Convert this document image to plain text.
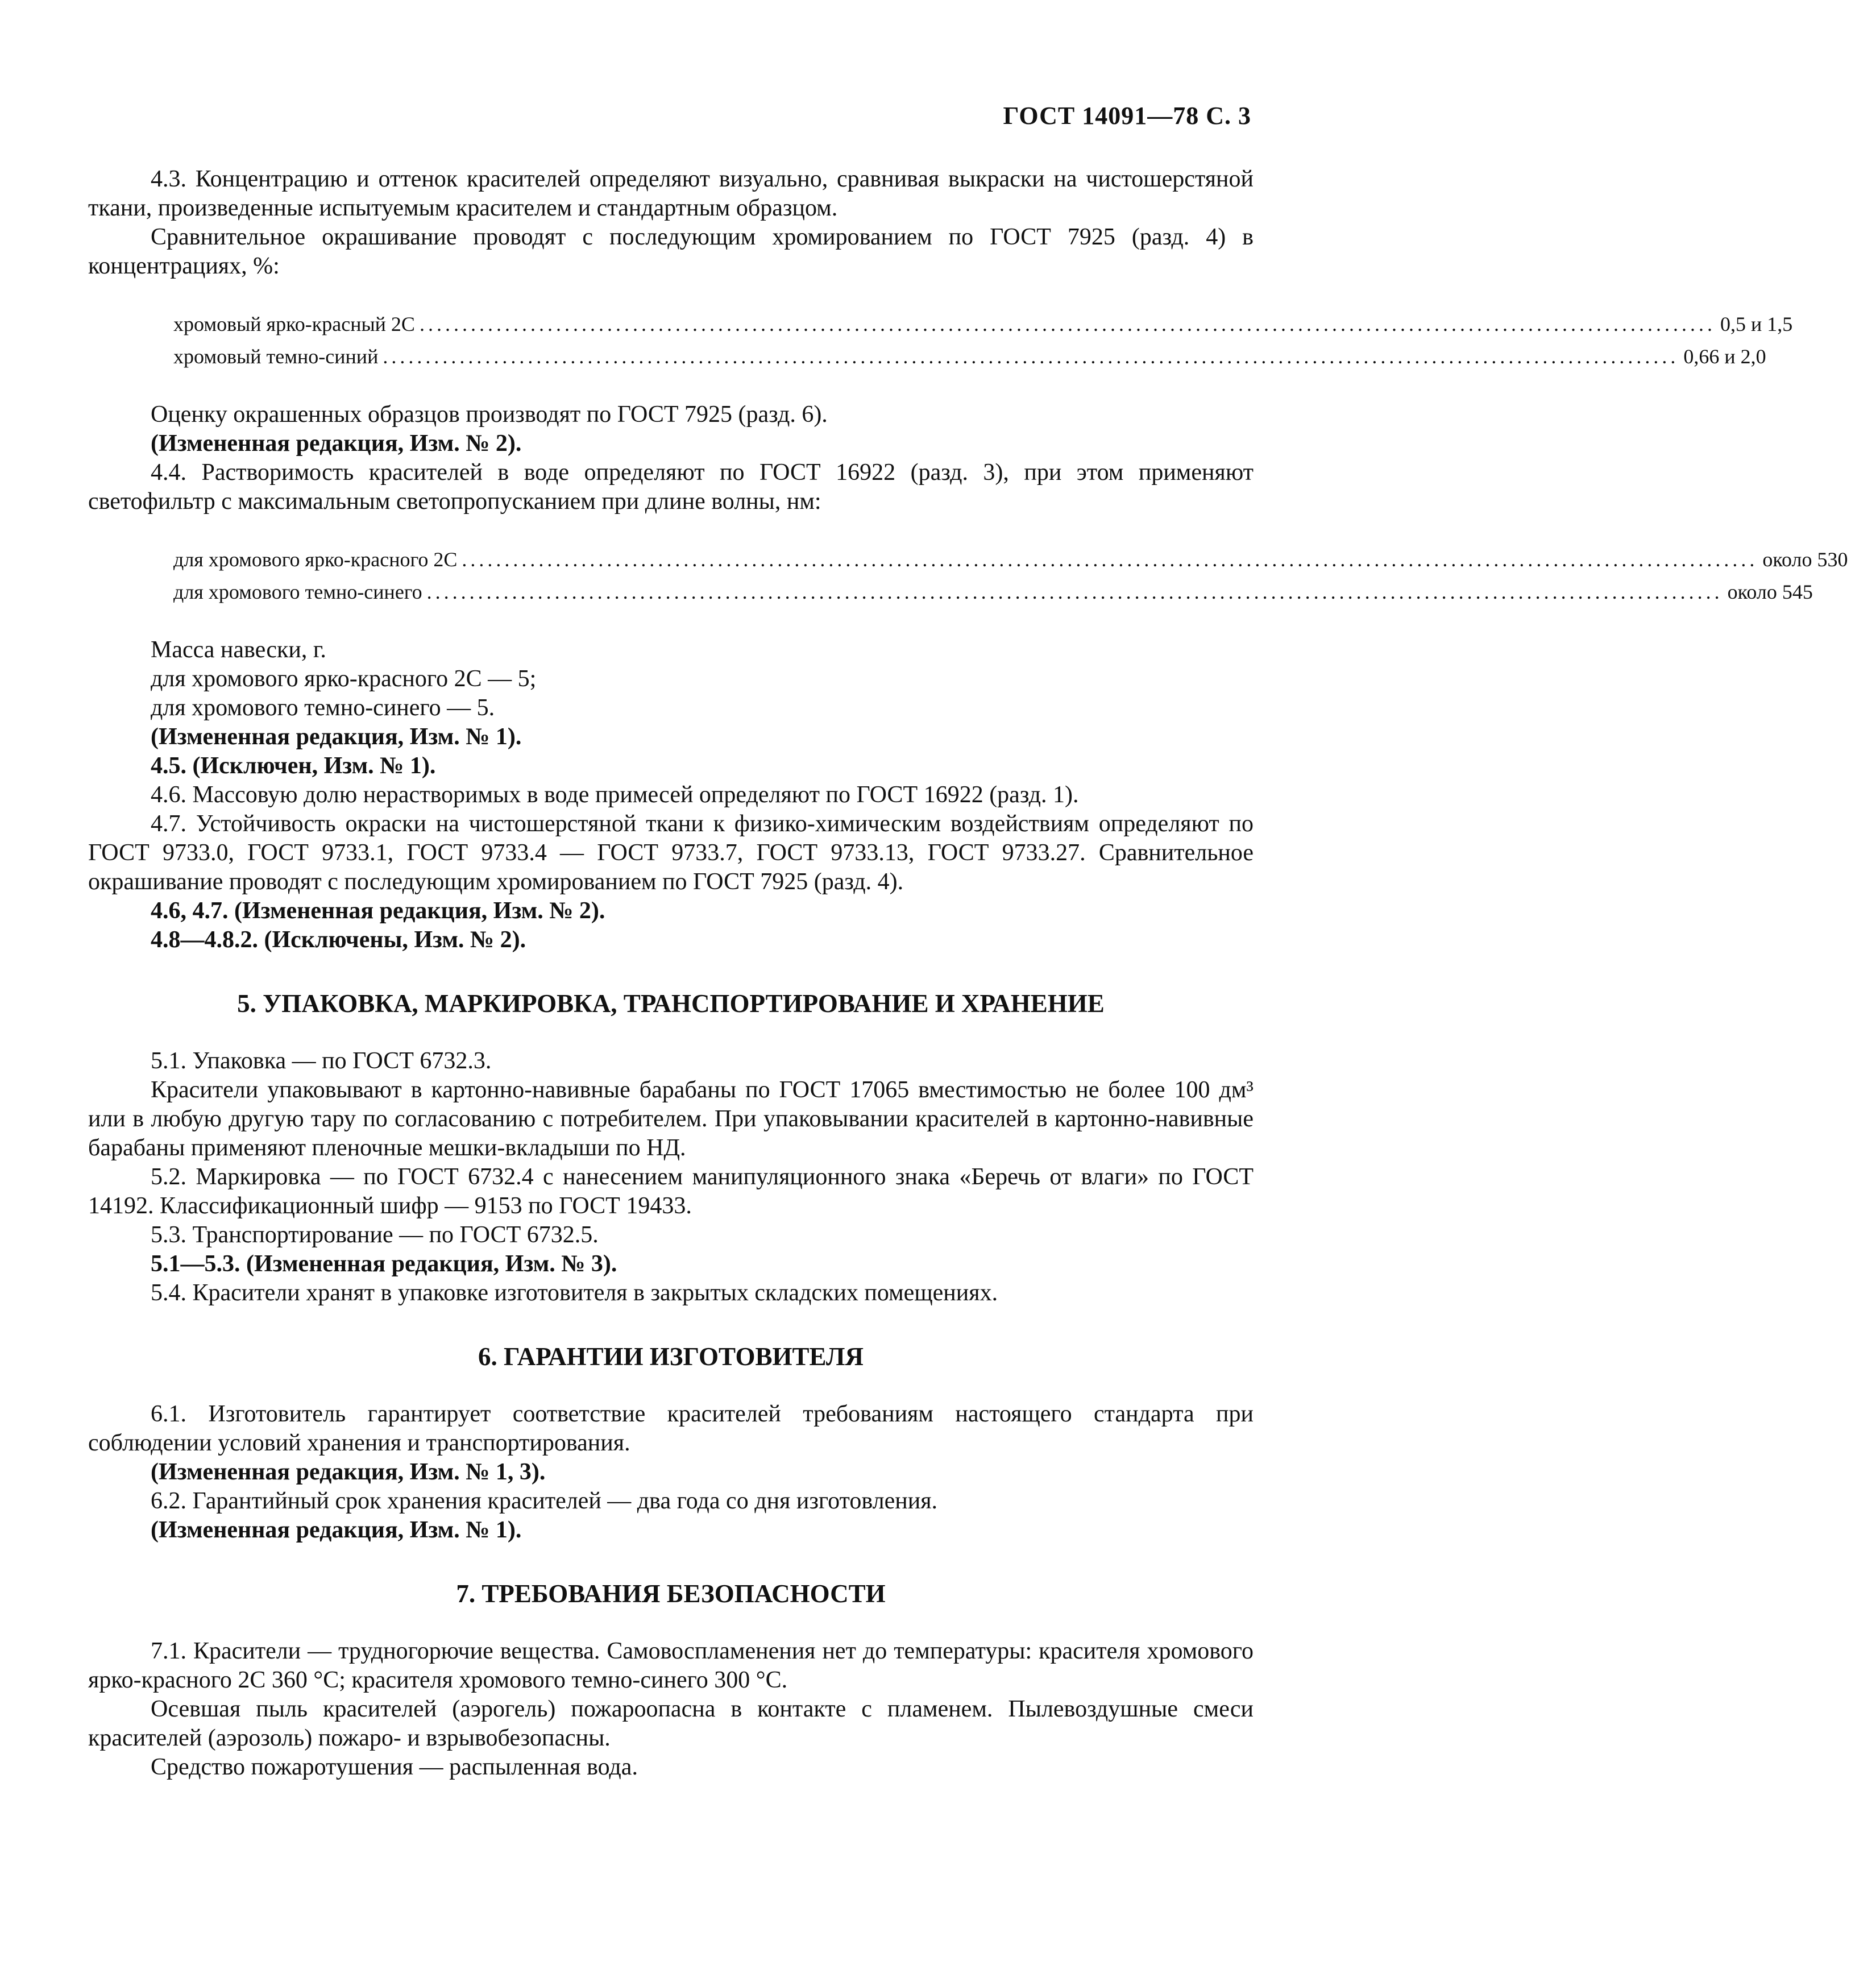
ГОСТ 14091—78 С. 3

4.3. Концентрацию и оттенок красителей определяют визуально, сравнивая выкраски на чистошерстяной ткани, произведенные испытуемым красителем и стандартным образцом.

Сравнительное окрашивание проводят с последующим хромированием по ГОСТ 7925 (разд. 4) в концентрациях, %:

хромовый ярко-красный 2С ........................................................................................................................................................ 0,5 и 1,5
хромовый темно-синий ........................................................................................................................................................ 0,66 и 2,0

Оценку окрашенных образцов производят по ГОСТ 7925 (разд. 6).

(Измененная редакция, Изм. № 2).

4.4. Растворимость красителей в воде определяют по ГОСТ 16922 (разд. 3), при этом применяют светофильтр с максимальным светопропусканием при длине волны, нм:

для хромового ярко-красного 2С ........................................................................................................................................................ около 530
для хромового темно-синего ........................................................................................................................................................ около 545

Масса навески, г.

для хромового ярко-красного 2С — 5;

для хромового темно-синего — 5.

(Измененная редакция, Изм. № 1).

4.5. (Исключен, Изм. № 1).

4.6. Массовую долю нерастворимых в воде примесей определяют по ГОСТ 16922 (разд. 1).

4.7. Устойчивость окраски на чистошерстяной ткани к физико-химическим воздействиям определяют по ГОСТ 9733.0, ГОСТ 9733.1, ГОСТ 9733.4 — ГОСТ 9733.7, ГОСТ 9733.13, ГОСТ 9733.27. Сравнительное окрашивание проводят с последующим хромированием по ГОСТ 7925 (разд. 4).

4.6, 4.7. (Измененная редакция, Изм. № 2).

4.8—4.8.2. (Исключены, Изм. № 2).

5. УПАКОВКА, МАРКИРОВКА, ТРАНСПОРТИРОВАНИЕ И ХРАНЕНИЕ

5.1. Упаковка — по ГОСТ 6732.3.

Красители упаковывают в картонно-навивные барабаны по ГОСТ 17065 вместимостью не более 100 дм³ или в любую другую тару по согласованию с потребителем. При упаковывании красителей в картонно-навивные барабаны применяют пленочные мешки-вкладыши по НД.

5.2. Маркировка — по ГОСТ 6732.4 с нанесением манипуляционного знака «Беречь от влаги» по ГОСТ 14192. Классификационный шифр — 9153 по ГОСТ 19433.

5.3. Транспортирование — по ГОСТ 6732.5.

5.1—5.3. (Измененная редакция, Изм. № 3).

5.4. Красители хранят в упаковке изготовителя в закрытых складских помещениях.

6. ГАРАНТИИ ИЗГОТОВИТЕЛЯ

6.1. Изготовитель гарантирует соответствие красителей требованиям настоящего стандарта при соблюдении условий хранения и транспортирования.

(Измененная редакция, Изм. № 1, 3).

6.2. Гарантийный срок хранения красителей — два года со дня изготовления.

(Измененная редакция, Изм. № 1).

7. ТРЕБОВАНИЯ БЕЗОПАСНОСТИ

7.1. Красители — трудногорючие вещества. Самовоспламенения нет до температуры: красителя хромового ярко-красного 2С 360 °С; красителя хромового темно-синего 300 °С.

Осевшая пыль красителей (аэрогель) пожароопасна в контакте с пламенем. Пылевоздушные смеси красителей (аэрозоль) пожаро- и взрывобезопасны.

Средство пожаротушения — распыленная вода.
